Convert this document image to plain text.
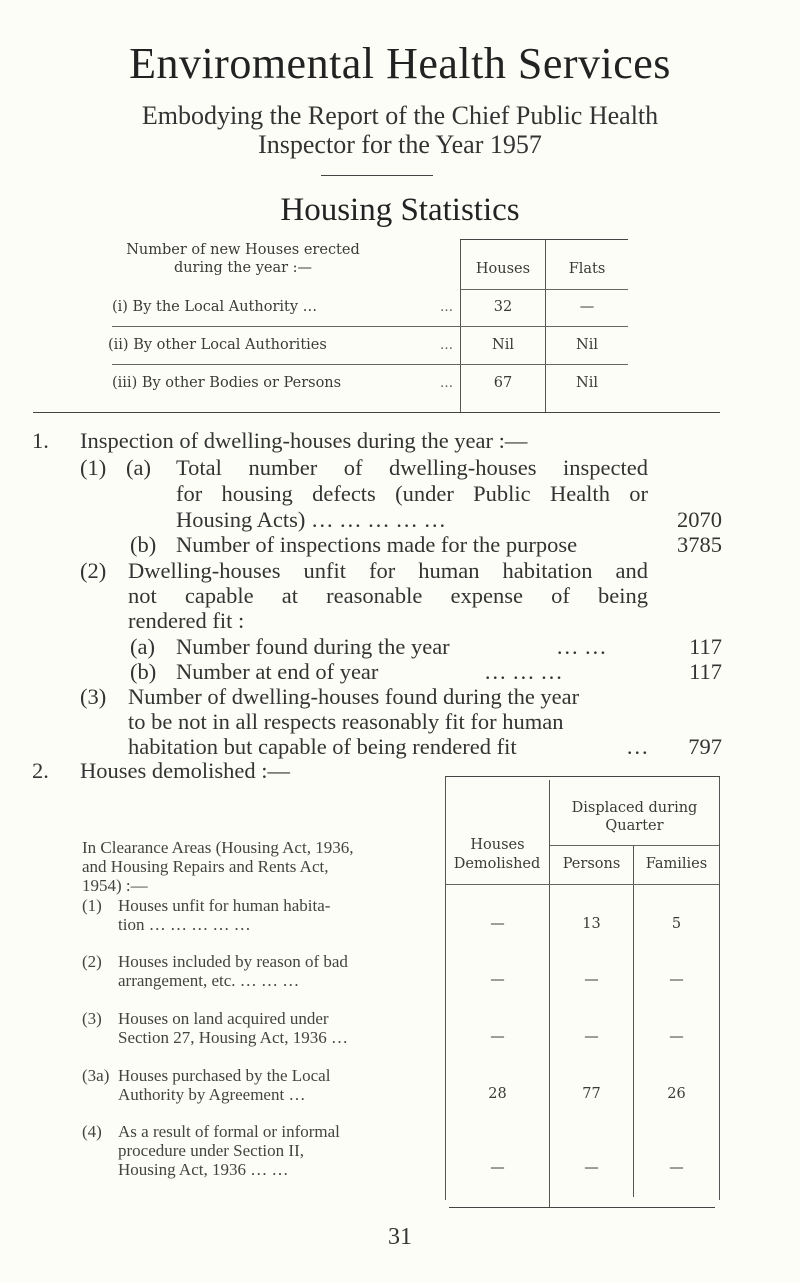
Enviromental Health Services
Embodying the Report of the Chief Public Health
Inspector for the Year 1957
Housing Statistics
Number of new Houses erected
during the year :—	Houses	Flats
(i) By the Local Authority …	…	32	—
(ii) By other Local Authorities	…	Nil	Nil
(iii) By other Bodies or Persons	…	67	Nil
1. Inspection of dwelling-houses during the year :—
(1) (a) Total number of dwelling-houses inspected
for housing defects (under Public Health or
Housing Acts) … … … … …	2070
(b) Number of inspections made for the purpose	3785
(2) Dwelling-houses unfit for human habitation and
not capable at reasonable expense of being
rendered fit :
(a) Number found during the year	… …	117
(b) Number at end of year	… … …	117
(3) Number of dwelling-houses found during the year
to be not in all respects reasonably fit for human
habitation but capable of being rendered fit	…	797
2. Houses demolished :—
Houses
Demolished
Displaced during
Quarter
Persons	Families
In Clearance Areas (Housing Act, 1936,
and Housing Repairs and Rents Act,
1954) :—
(1) Houses unfit for human habita-
tion … … … … …	—	13	5
(2) Houses included by reason of bad
arrangement, etc. … … …	—	—	—
(3) Houses on land acquired under
Section 27, Housing Act, 1936 …	—	—	—
(3a) Houses purchased by the Local
Authority by Agreement …	28	77	26
(4) As a result of formal or informal
procedure under Section II,
Housing Act, 1936 … …	—	—	—
31
